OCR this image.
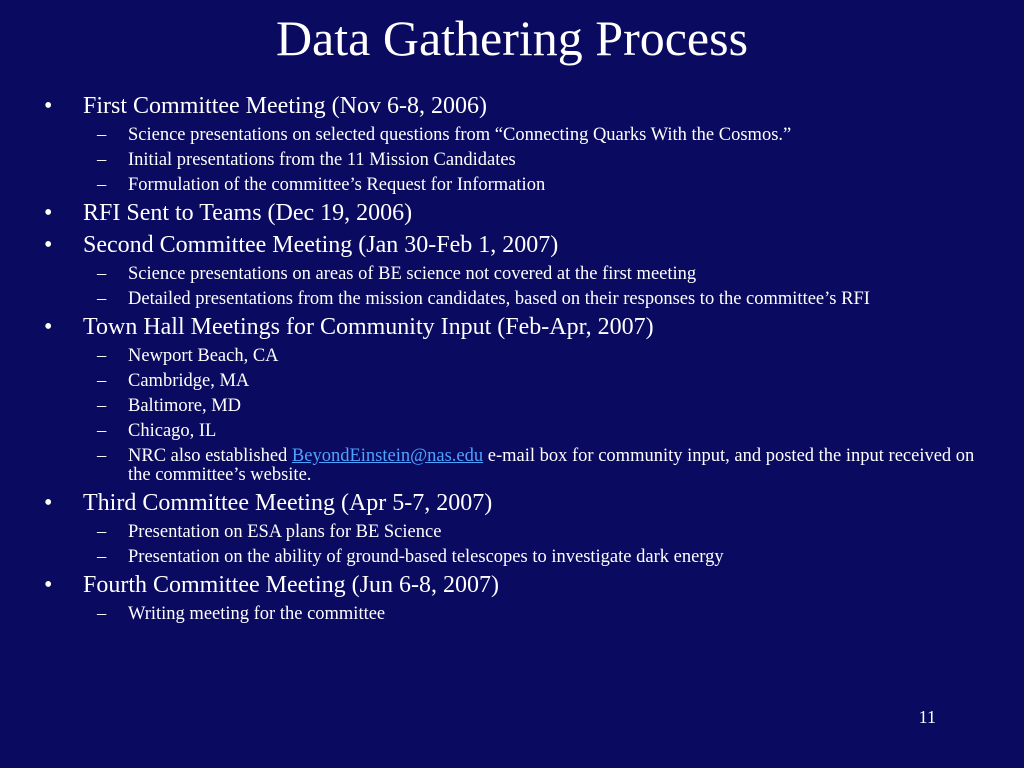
Data Gathering Process
• First Committee Meeting (Nov 6-8, 2006)
– Science presentations on selected questions from “Connecting Quarks With the Cosmos.”
– Initial presentations from the 11 Mission Candidates
– Formulation of the committee’s Request for Information
• RFI Sent to Teams (Dec 19, 2006)
• Second Committee Meeting (Jan 30-Feb 1, 2007)
– Science presentations on areas of BE science not covered at the first meeting
– Detailed presentations from the mission candidates, based on their responses to the committee’s RFI
• Town Hall Meetings for Community Input (Feb-Apr, 2007)
– Newport Beach, CA
– Cambridge, MA
– Baltimore, MD
– Chicago, IL
– NRC also established BeyondEinstein@nas.edu e-mail box for community input, and posted the input received on the committee’s website.
• Third Committee Meeting (Apr 5-7, 2007)
– Presentation on ESA plans for BE Science
– Presentation on the ability of ground-based telescopes to investigate dark energy
• Fourth Committee Meeting (Jun 6-8, 2007)
– Writing meeting for the committee
11
